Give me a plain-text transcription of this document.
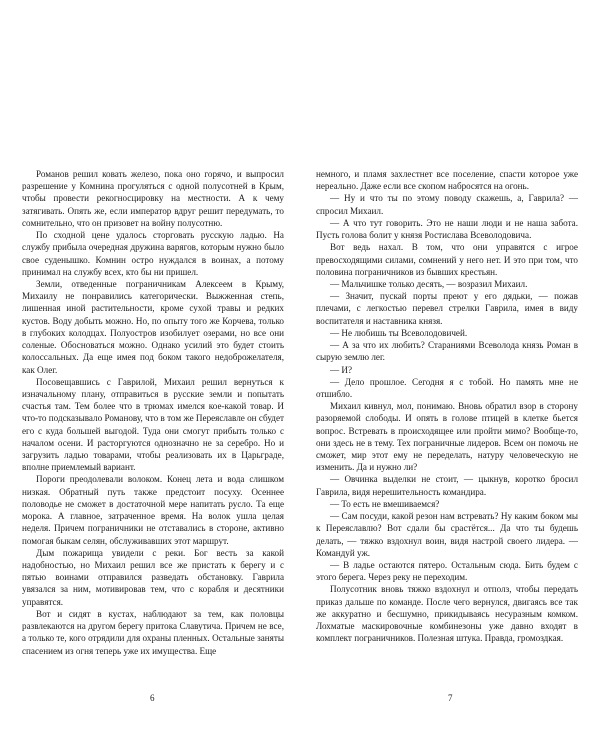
Романов решил ковать железо, пока оно горячо, и выпросил разрешение у Комнина прогуляться с одной полусотней в Крым, чтобы провести рекогносцировку на местности. А к чему затягивать. Опять же, если император вдруг решит передумать, то сомнительно, что он призовет на войну полусотню.

По сходной цене удалось сторговать русскую ладью. На службу прибыла очередная дружина варягов, которым нужно было свое суденышко. Комнин остро нуждался в воинах, а потому принимал на службу всех, кто бы ни пришел.

Земли, отведенные пограничникам Алексеем в Крыму, Михаилу не понравились категорически. Выжженная степь, лишенная иной растительности, кроме сухой травы и редких кустов. Воду добыть можно. Но, по опыту того же Корчева, только в глубоких колодцах. Полуостров изобилует озерами, но все они соленые. Обосноваться можно. Однако усилий это будет стоить колоссальных. Да еще имея под боком такого недоброжелателя, как Олег.

Посовещавшись с Гаврилой, Михаил решил вернуться к изначальному плану, отправиться в русские земли и попытать счастья там. Тем более что в трюмах имелся кое-какой товар. И что-то подсказывало Романову, что в том же Переяславле он сбудет его с куда большей выгодой. Туда они смогут прибыть только с началом осени. И расторгуются однозначно не за серебро. Но и загрузить ладью товарами, чтобы реализовать их в Царьграде, вполне приемлемый вариант.

Пороги преодолевали волоком. Конец лета и вода слишком низкая. Обратный путь также предстоит посуху. Осеннее половодье не сможет в достаточной мере напитать русло. Та еще морока. А главное, затраченное время. На волок ушла целая неделя. Причем пограничники не отставались в стороне, активно помогая быкам селян, обслуживавших этот маршрут.

Дым пожарища увидели с реки. Бог весть за какой надобностью, но Михаил решил все же пристать к берегу и с пятью воинами отправился разведать обстановку. Гаврила увязался за ним, мотивировав тем, что с корабля и десятники управятся.

Вот и сидят в кустах, наблюдают за тем, как половцы развлекаются на другом берегу притока Славутича. Причем не все, а только те, кого отрядили для охраны пленных. Остальные заняты спасением из огня теперь уже их имущества. Еще

6

немного, и пламя захлестнет все поселение, спасти которое уже нереально. Даже если все скопом набросятся на огонь.

— Ну и что ты по этому поводу скажешь, а, Гаврила? — спросил Михаил.

— А что тут говорить. Это не наши люди и не наша забота. Пусть голова болит у князя Ростислава Всеволодовича.

Вот ведь нахал. В том, что они управятся с игрое превосходящими силами, сомнений у него нет. И это при том, что половина пограничников из бывших крестьян.

— Мальчишке только десять, — возразил Михаил.

— Значит, пускай порты преют у его дядьки, — пожав плечами, с легкостью перевел стрелки Гаврила, имея в виду воспитателя и наставника князя.

— Не любишь ты Всеволодовичей.

— А за что их любить? Стараниями Всеволода князь Роман в сырую землю лег.

— И?

— Дело прошлое. Сегодня я с тобой. Но память мне не отшибло.

Михаил кивнул, мол, понимаю. Вновь обратил взор в сторону разоряемой слободы. И опять в голове птицей в клетке бьется вопрос. Встревать в происходящее или пройти мимо? Вообще-то, они здесь не в тему. Тех пограничные лидеров. Всем он помочь не сможет, мир этот ему не переделать, натуру человеческую не изменить. Да и нужно ли?

— Овчинка выделки не стоит, — цыкнув, коротко бросил Гаврила, видя нерешительность командира.

— То есть не вмешиваемся?

— Сам посуди, какой резон нам встревать? Ну каким боком мы к Переяславлю? Вот сдали бы срастётся... Да что ты будешь делать, — тяжко вздохнул воин, видя настрой своего лидера. — Командуй уж.

— В ладье остаются пятеро. Остальным сюда. Бить будем с этого берега. Через реку не переходим.

Полусотник вновь тяжко вздохнул и отполз, чтобы передать приказ дальше по команде. После чего вернулся, двигаясь все так же аккуратно и бесшумно, прикидываясь несуразным комком. Лохматые маскировочные комбинезоны уже давно входят в комплект пограничников. Полезная штука. Правда, громоздкая.

7
